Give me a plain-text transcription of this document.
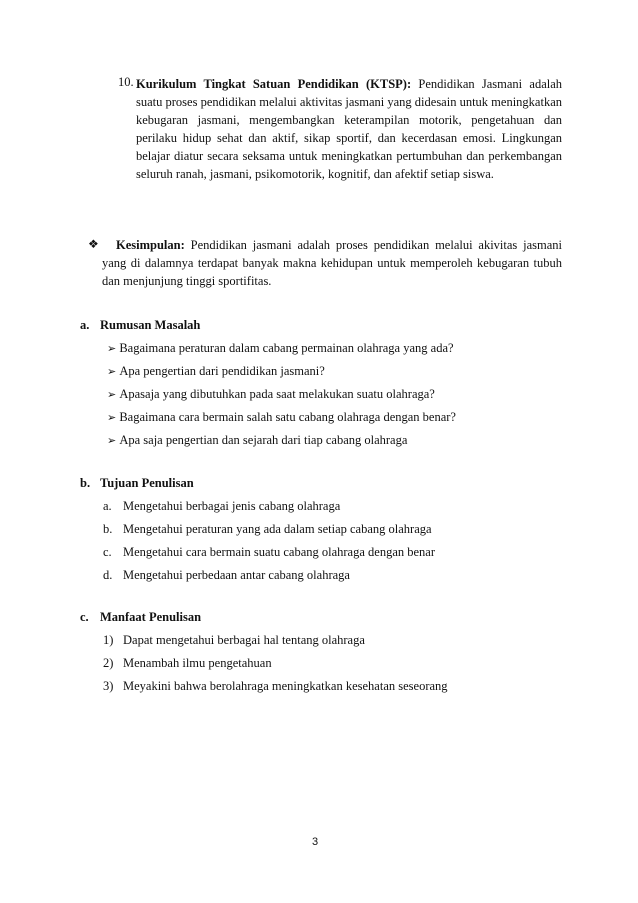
10. Kurikulum Tingkat Satuan Pendidikan (KTSP): Pendidikan Jasmani adalah suatu proses pendidikan melalui aktivitas jasmani yang didesain untuk meningkatkan kebugaran jasmani, mengembangkan keterampilan motorik, pengetahuan dan perilaku hidup sehat dan aktif, sikap sportif, dan kecerdasan emosi. Lingkungan belajar diatur secara seksama untuk meningkatkan pertumbuhan dan perkembangan seluruh ranah, jasmani, psikomotorik, kognitif, dan afektif setiap siswa.
❖	Kesimpulan: Pendidikan jasmani adalah proses pendidikan melalui akivitas jasmani yang di dalamnya terdapat banyak makna kehidupan untuk memperoleh kebugaran tubuh dan menjunjung tinggi sportifitas.
a. Rumusan Masalah
➢ Bagaimana peraturan dalam cabang permainan olahraga yang ada?
➢ Apa pengertian dari pendidikan jasmani?
➢ Apasaja yang dibutuhkan pada saat melakukan suatu olahraga?
➢ Bagaimana cara bermain salah satu cabang olahraga dengan benar?
➢ Apa saja pengertian dan sejarah dari tiap cabang olahraga
b. Tujuan Penulisan
a. Mengetahui berbagai jenis cabang olahraga
b. Mengetahui peraturan yang ada dalam setiap cabang olahraga
c. Mengetahui cara bermain suatu cabang olahraga dengan benar
d. Mengetahui perbedaan antar cabang olahraga
c. Manfaat Penulisan
1) Dapat mengetahui berbagai hal tentang olahraga
2) Menambah ilmu pengetahuan
3) Meyakini bahwa berolahraga meningkatkan kesehatan seseorang
3
